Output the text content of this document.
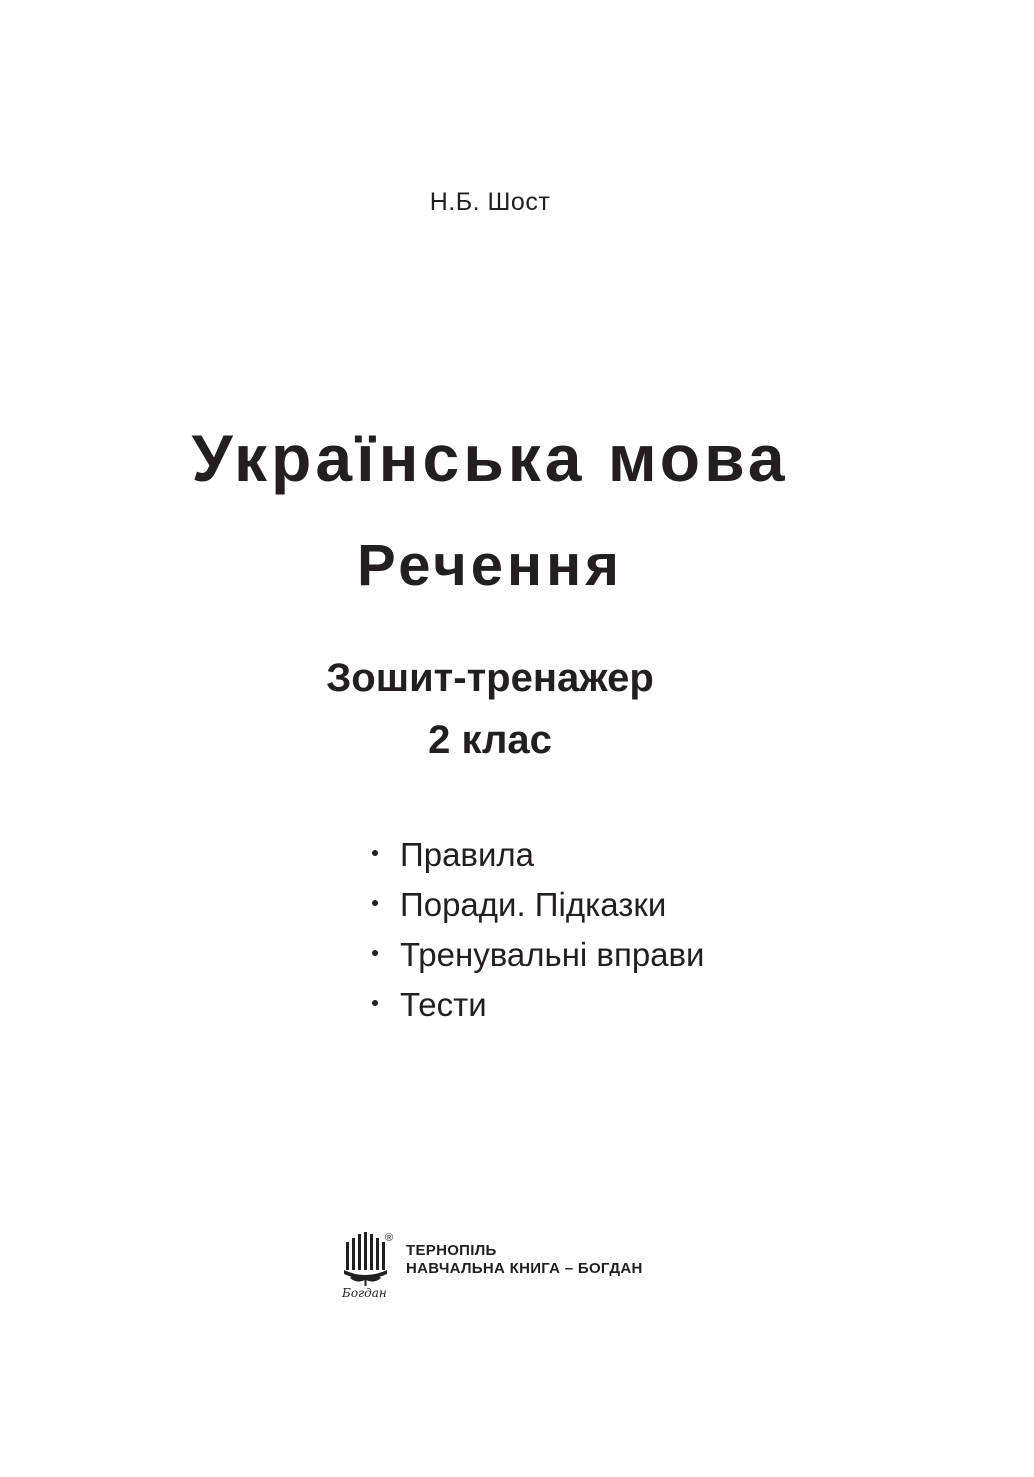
Н.Б. Шост
Українська мова
Речення
Зошит-тренажер
2 клас
Правила
Поради. Підказки
Тренувальні вправи
Тести
Богдан
ТЕРНОПІЛЬ
НАВЧАЛЬНА КНИГА – БОГДАН
®
